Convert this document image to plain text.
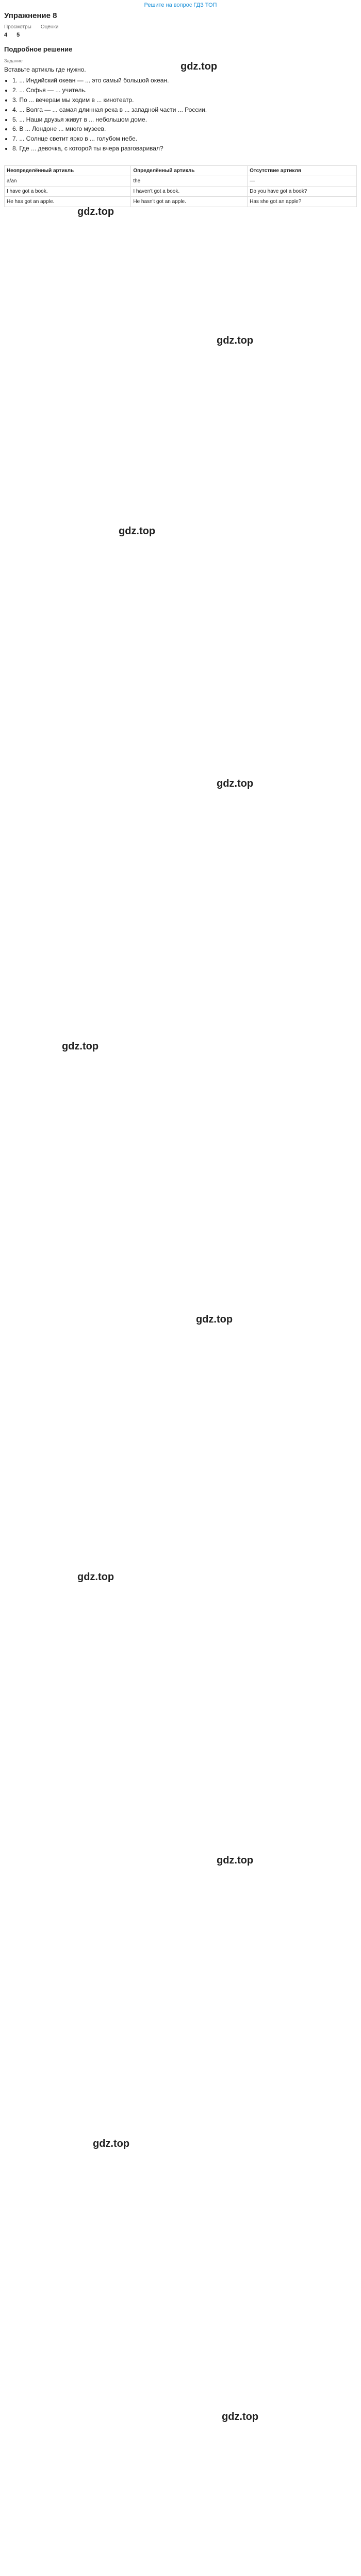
Решите на вопрос ГДЗ ТОП
Упражнение 8
Просмотры Оценки
4 5
Подробное решение
gdz.top
gdz.top
gdz.top
gdz.top
gdz.top
gdz.top
gdz.top
gdz.top
gdz.top
gdz.top
gdz.top
Задание
Вставьте артикль где нужно.
• 1. ... Индийский океан — ... это самый большой океан.
• 2. ... Софья — ... учитель.
• 3. По ... вечерам мы ходим в ... кинотеатр.
• 4. ... Волга — ... самая длинная река в ... западной части ... России.
• 5. ... Наши друзья живут в ... небольшом доме.
• 6. В ... Лондоне ... много музеев.
• 7. ... Солнце светит ярко в ... голубом небе.
• 8. Где ... девочка, с которой ты вчера разговаривал?
Неопределённый артикль	Определённый артикль	Отсутствие артикля
а/аn	the	—
I have got a book.	I haven't got a book.	Do you have got a book?
He has got an apple.	He hasn't got an apple.	Has she got an apple?
